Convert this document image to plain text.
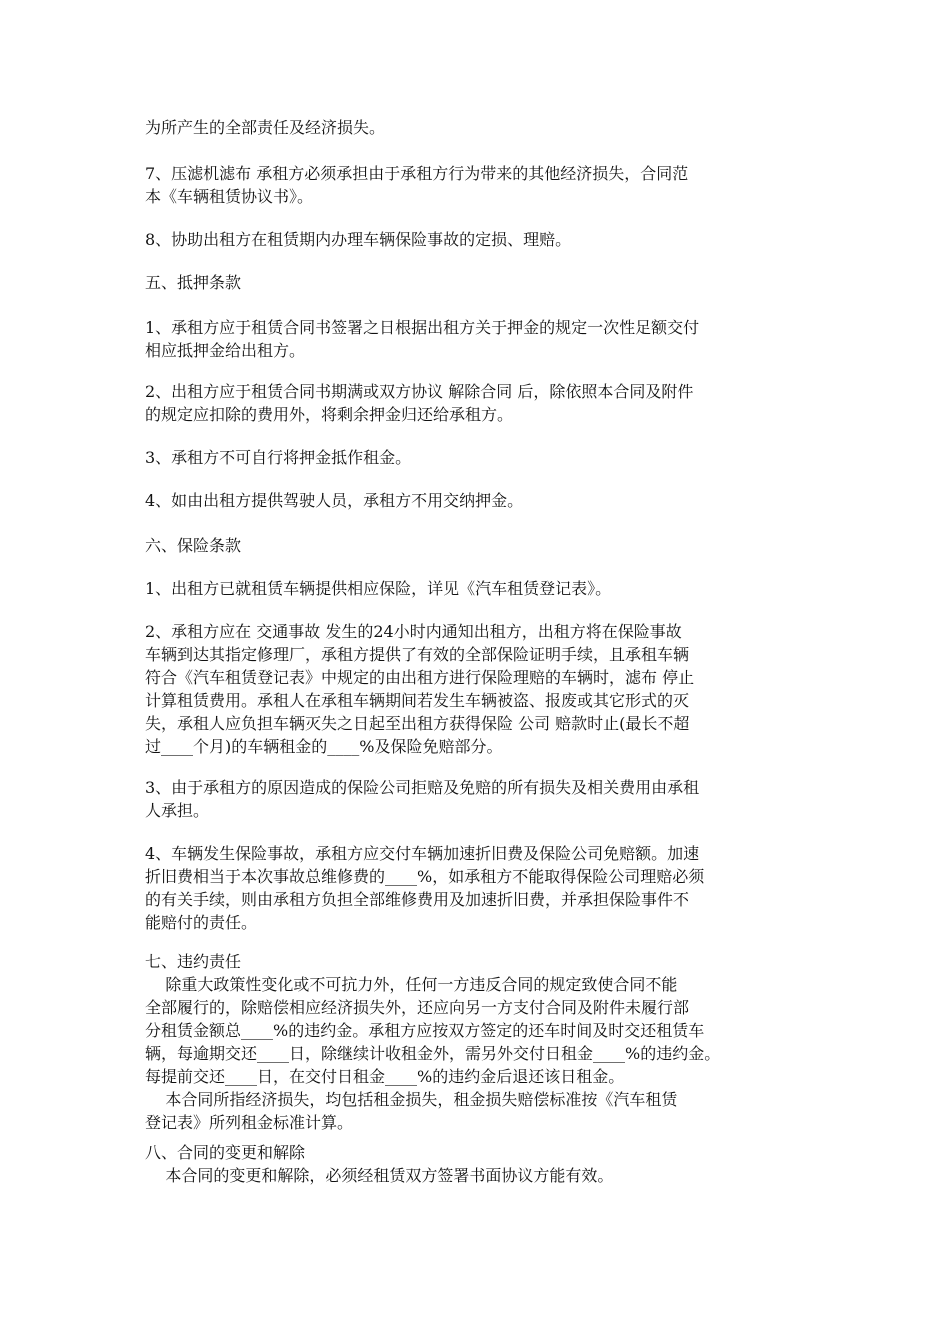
为所产生的全部责任及经济损失。

7、压滤机滤布 承租方必须承担由于承租方行为带来的其他经济损失，合同范
本《车辆租赁协议书》。

8、协助出租方在租赁期内办理车辆保险事故的定损、理赔。

五、抵押条款

1、承租方应于租赁合同书签署之日根据出租方关于押金的规定一次性足额交付
相应抵押金给出租方。

2、出租方应于租赁合同书期满或双方协议 解除合同 后，除依照本合同及附件
的规定应扣除的费用外，将剩余押金归还给承租方。

3、承租方不可自行将押金抵作租金。

4、如由出租方提供驾驶人员，承租方不用交纳押金。

六、保险条款

1、出租方已就租赁车辆提供相应保险，详见《汽车租赁登记表》。

2、承租方应在 交通事故 发生的24小时内通知出租方，出租方将在保险事故
车辆到达其指定修理厂，承租方提供了有效的全部保险证明手续，且承租车辆
符合《汽车租赁登记表》中规定的由出租方进行保险理赔的车辆时，滤布 停止
计算租赁费用。承租人在承租车辆期间若发生车辆被盗、报废或其它形式的灭
失，承租人应负担车辆灭失之日起至出租方获得保险 公司 赔款时止(最长不超
过____个月)的车辆租金的____%及保险免赔部分。

3、由于承租方的原因造成的保险公司拒赔及免赔的所有损失及相关费用由承租
人承担。

4、车辆发生保险事故，承租方应交付车辆加速折旧费及保险公司免赔额。加速
折旧费相当于本次事故总维修费的____%，如承租方不能取得保险公司理赔必须
的有关手续，则由承租方负担全部维修费用及加速折旧费，并承担保险事件不
能赔付的责任。

七、违约责任
除重大政策性变化或不可抗力外，任何一方违反合同的规定致使合同不能
全部履行的，除赔偿相应经济损失外，还应向另一方支付合同及附件未履行部
分租赁金额总____%的违约金。承租方应按双方签定的还车时间及时交还租赁车
辆，每逾期交还____日，除继续计收租金外，需另外交付日租金____%的违约金。
每提前交还____日，在交付日租金____%的违约金后退还该日租金。
本合同所指经济损失，均包括租金损失，租金损失赔偿标准按《汽车租赁
登记表》所列租金标准计算。

八、合同的变更和解除
本合同的变更和解除，必须经租赁双方签署书面协议方能有效。
